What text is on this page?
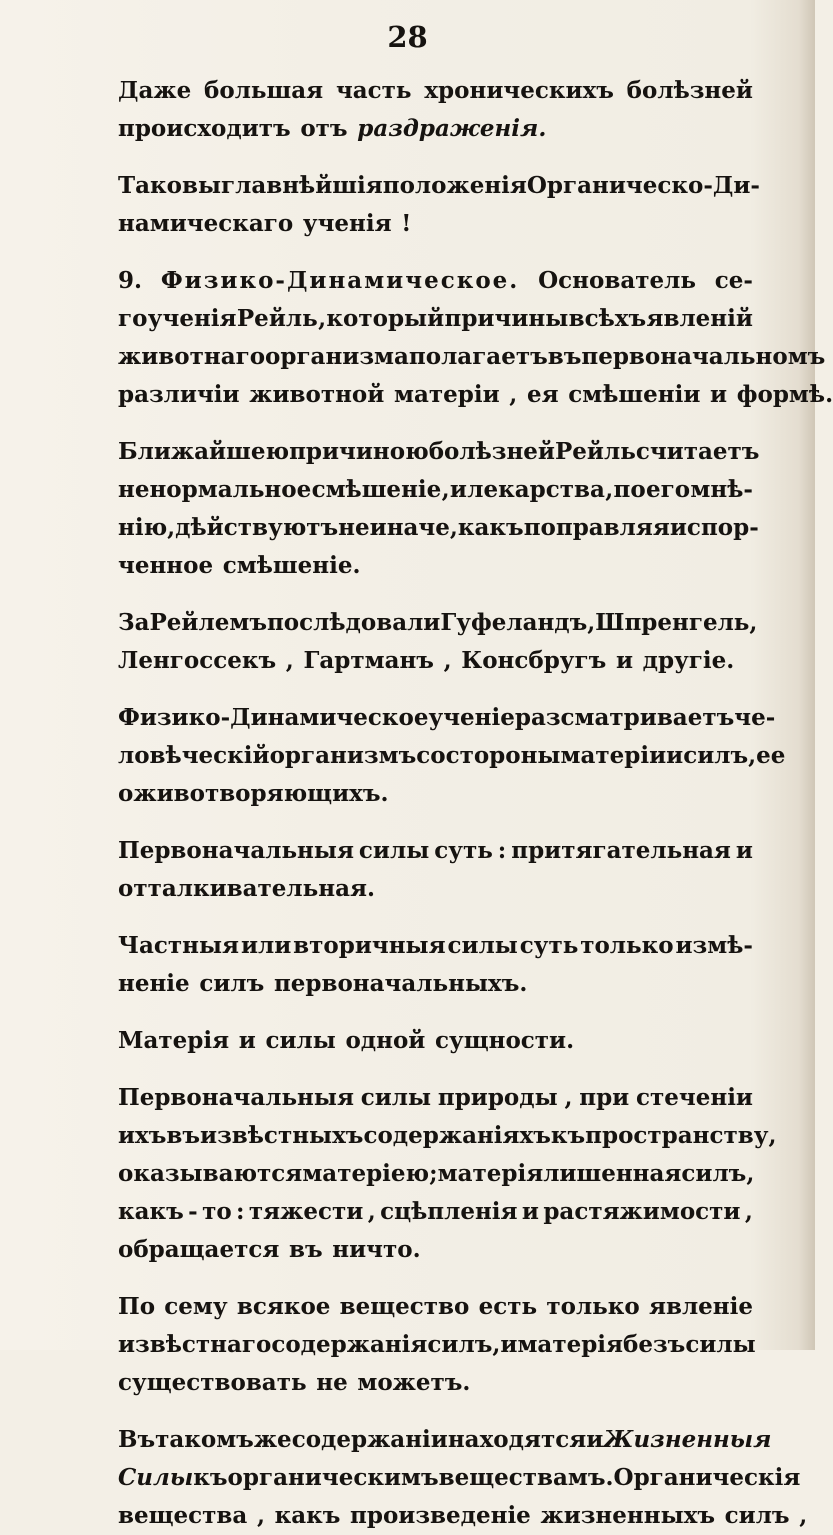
28
Даже большая часть хроническихъ болѣзней
происходитъ отъ раздраженія.
Таковы главнѣйшія положенія Органическо-Ди-
намическаго ученія !
9. Физико-Динамическое. Основатель се-
го ученія Рейль , который причины всѣхъ явленій
животнаго организма полагаетъ въ первоначальномъ
различіи животной матеріи , ея смѣшеніи и формѣ.
Ближайшею причиною болѣзней Рейль считаетъ
ненормальное смѣшеніе , и лекарства , по его мнѣ-
нію , дѣйствуютъ не иначе , какъ поправляя испор-
ченное смѣшеніе.
За Рейлемъ послѣдовали Гуфеландъ, Шпренгель,
Ленгоссекъ , Гартманъ , Консбругъ и другіе.
Физико-Динамическое ученіе разсматриваетъ че-
ловѣческій организмъ со стороны матеріи и силъ, ее
оживотворяющихъ.
Первоначальныя силы суть : притягательная и
отталкивательная.
Частныя или вторичныя силы суть только измѣ-
неніе силъ первоначальныхъ.
Матерія и силы одной сущности.
Первоначальныя силы природы , при стеченіи
ихъ въ извѣстныхъ содержаніяхъ къ пространству ,
оказываются матеріею ; матерія лишенная силъ ,
какъ - то : тяжести , сцѣпленія и растяжимости ,
обращается въ ничто.
По сему всякое вещество есть только явленіе
извѣстнаго содержанія силъ , и матерія безъ силы
существовать не можетъ.
Въ такомъ же содержаніи находятся и Жизненныя
Силы къ органическимъ веществамъ. Органическія
вещества , какъ произведеніе жизненныхъ силъ ,
